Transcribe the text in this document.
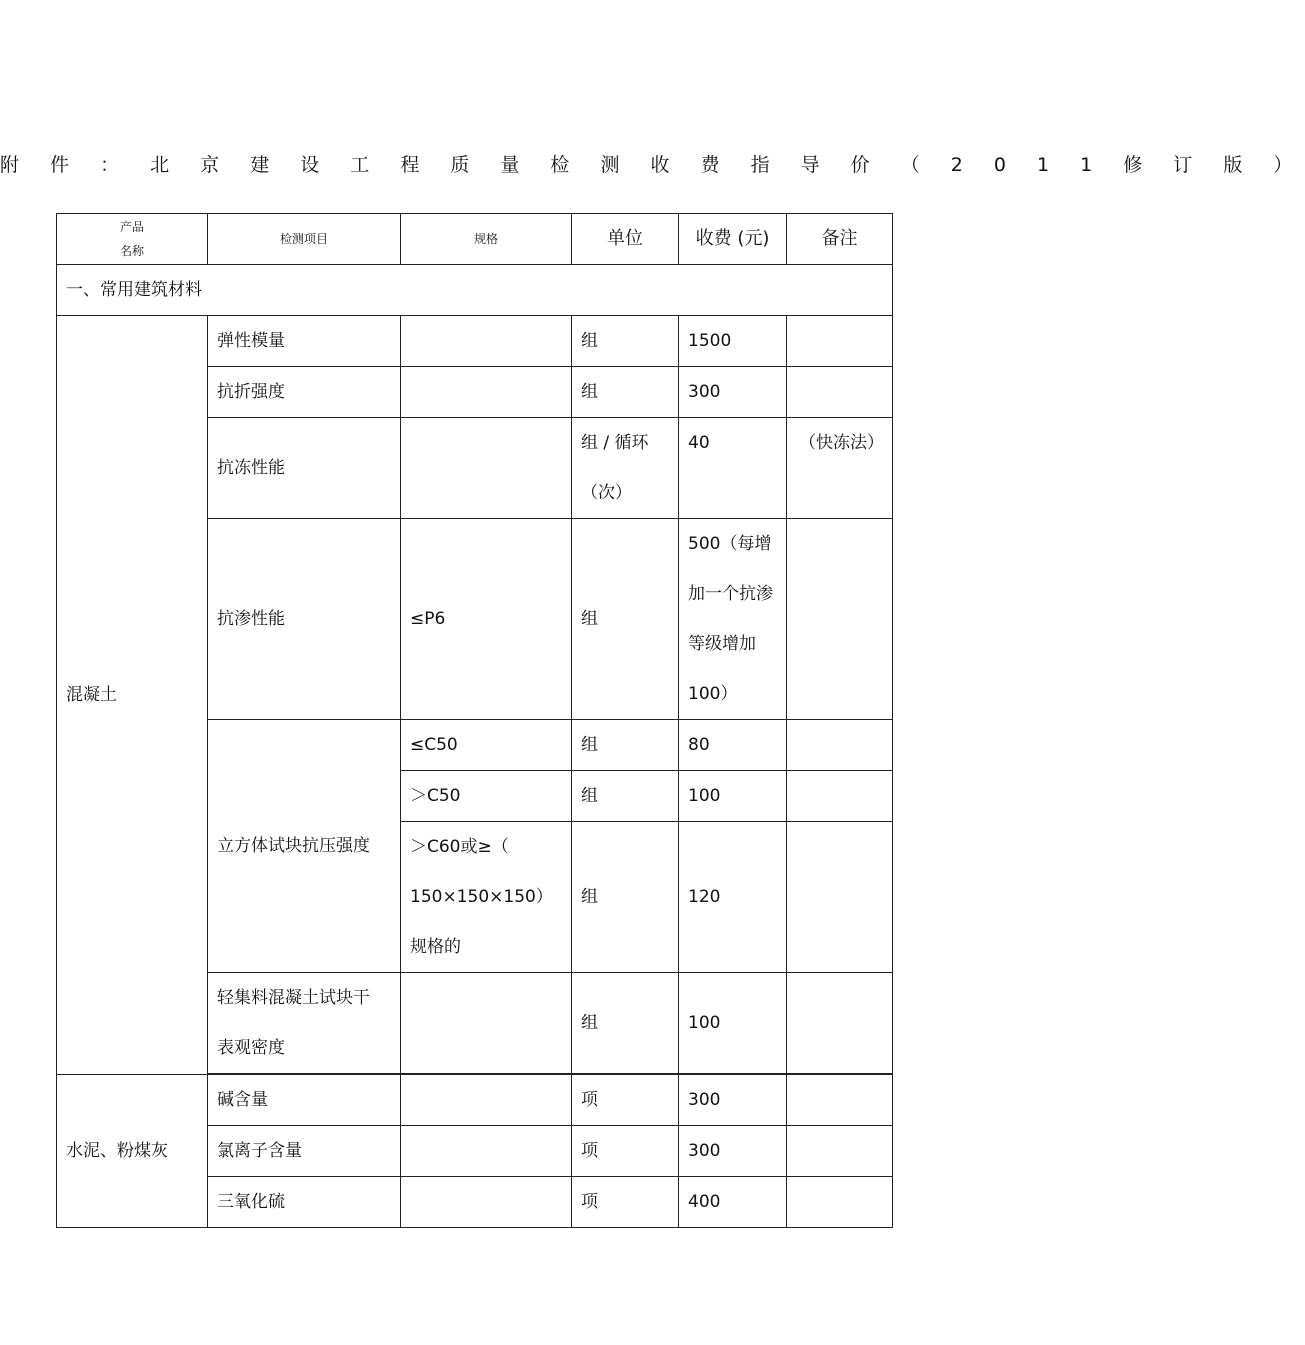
附 件 ： 北 京 建 设 工 程 质 量 检 测 收 费 指 导 价 （ 2 0 1 1 修 订 版 ）
产品
名称	检测项目	规格	单位	收费 (元)	备注
一、常用建筑材料					
混凝土	弹性模量		组	1500	
	抗折强度		组	300	
	抗冻性能		组 / 循环（次）	40	（快冻法）
	抗渗性能	≤P6	组	500（每增加一个抗渗等级增加 100）	
	立方体试块抗压强度	≤C50	组	80	
		＞C50	组	100	
		＞C60或≥（ 150×150×150）规格的	组	120	
	轻集料混凝土试块干表观密度		组	100	

水泥、粉煤灰	碱含量		项	300	
	氯离子含量		项	300	
	三氧化硫		项	400	
